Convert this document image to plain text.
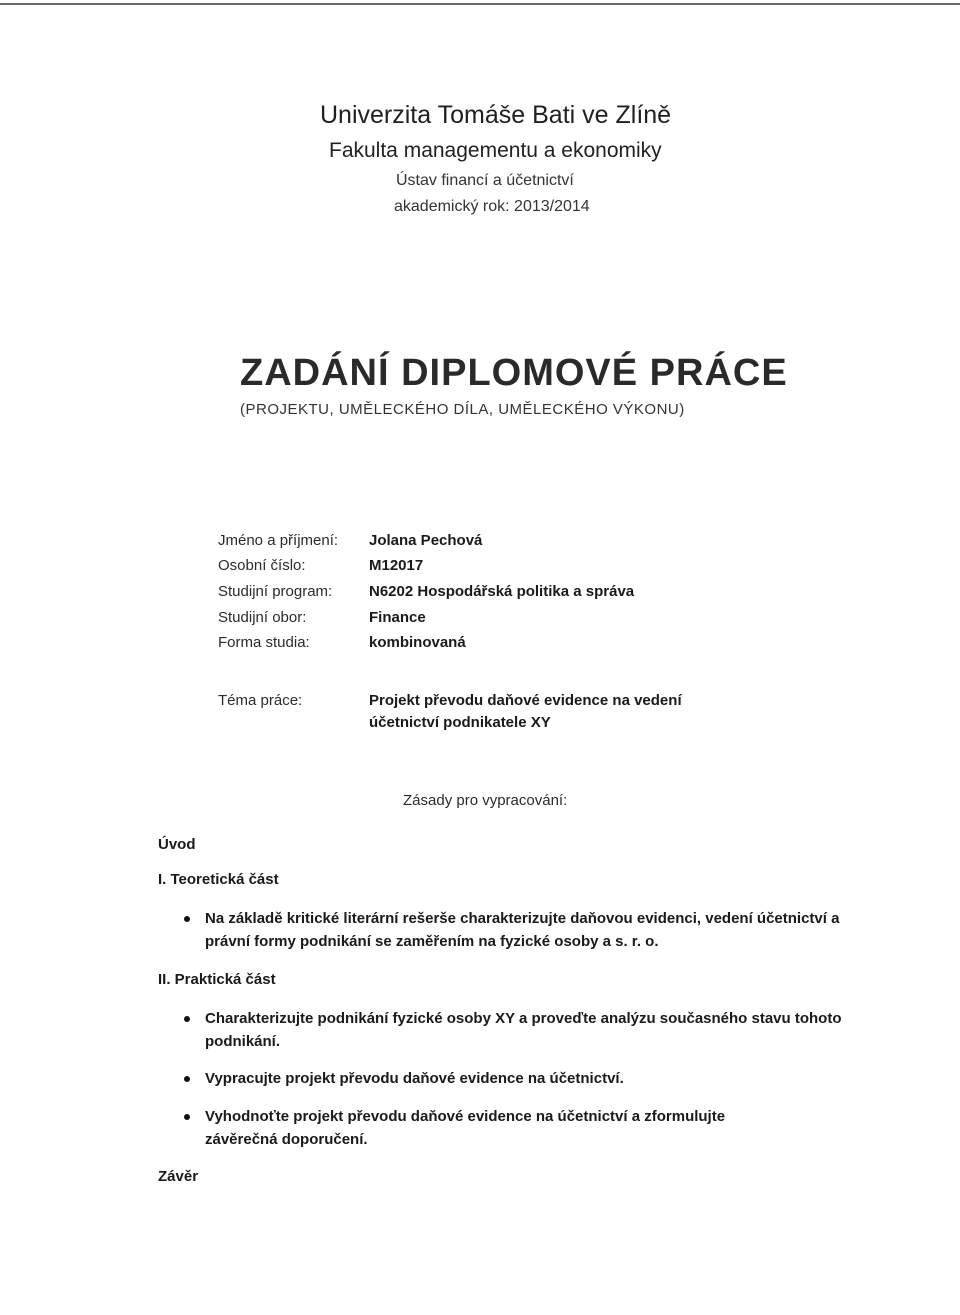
Univerzita Tomáše Bati ve Zlíně
Fakulta managementu a ekonomiky
Ústav financí a účetnictví
akademický rok: 2013/2014
ZADÁNÍ DIPLOMOVÉ PRÁCE
(PROJEKTU, UMĚLECKÉHO DÍLA, UMĚLECKÉHO VÝKONU)
Jméno a příjmení: Jolana Pechová
Osobní číslo:	M12017
Studijní program: N6202 Hospodářská politika a správa
Studijní obor:	Finance
Forma studia:	kombinovaná
Téma práce:	Projekt převodu daňové evidence na vedení účetnictví podnikatele XY
Zásady pro vypracování:
Úvod
I. Teoretická část
Na základě kritické literární rešerše charakterizujte daňovou evidenci, vedení účetnictví a právní formy podnikání se zaměřením na fyzické osoby a s. r. o.
II. Praktická část
Charakterizujte podnikání fyzické osoby XY a proveďte analýzu současného stavu tohoto podnikání.
Vypracujte projekt převodu daňové evidence na účetnictví.
Vyhodnoťte projekt převodu daňové evidence na účetnictví a zformulujte závěrečná doporučení.
Závěr
